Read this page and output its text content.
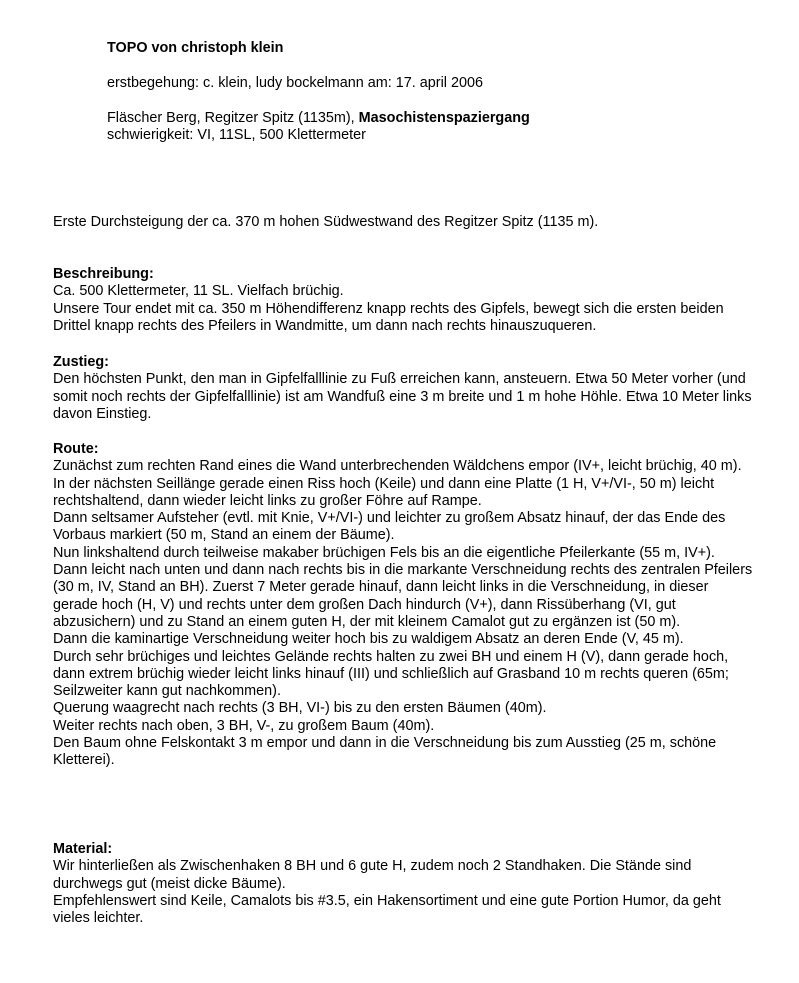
TOPO von christoph klein
erstbegehung: c. klein, ludy bockelmann am: 17. april 2006
Fläscher Berg, Regitzer Spitz (1135m), Masochistenspaziergang
schwierigkeit: VI, 11SL, 500 Klettermeter
Erste Durchsteigung der ca. 370 m hohen Südwestwand des Regitzer Spitz (1135 m).
Beschreibung:

Ca. 500 Klettermeter, 11 SL. Vielfach brüchig.

Unsere Tour endet mit ca. 350 m Höhendifferenz knapp rechts des Gipfels, bewegt sich die ersten beiden Drittel knapp rechts des Pfeilers in Wandmitte, um dann nach rechts hinauszuqueren.

Zustieg:

Den höchsten Punkt, den man in Gipfelfalllinie zu Fuß erreichen kann, ansteuern. Etwa 50 Meter vorher (und somit noch rechts der Gipfelfalllinie) ist am Wandfuß eine 3 m breite und 1 m hohe Höhle. Etwa 10 Meter links davon Einstieg.

Route:

Zunächst zum rechten Rand eines die Wand unterbrechenden Wäldchens empor (IV+, leicht brüchig, 40 m).

In der nächsten Seillänge gerade einen Riss hoch (Keile) und dann eine Platte (1 H, V+/VI-, 50 m) leicht rechtshaltend, dann wieder leicht links zu großer Föhre auf Rampe.

Dann seltsamer Aufsteher (evtl. mit Knie, V+/VI-) und leichter zu großem Absatz hinauf, der das Ende des Vorbaus markiert (50 m, Stand an einem der Bäume).

Nun linkshaltend durch teilweise makaber brüchigen Fels bis an die eigentliche Pfeilerkante (55 m, IV+).

Dann leicht nach unten und dann nach rechts bis in die markante Verschneidung rechts des zentralen Pfeilers (30 m, IV, Stand an BH). Zuerst 7 Meter gerade hinauf, dann leicht links in die Verschneidung, in dieser gerade hoch (H, V) und rechts unter dem großen Dach hindurch (V+), dann Rissüberhang (VI, gut abzusichern) und zu Stand an einem guten H, der mit kleinem Camalot gut zu ergänzen ist (50 m).

Dann die kaminartige Verschneidung weiter hoch bis zu waldigem Absatz an deren Ende (V, 45 m).

Durch sehr brüchiges und leichtes Gelände rechts halten zu zwei BH und einem H (V), dann gerade hoch, dann extrem brüchig wieder leicht links hinauf (III) und schließlich auf Grasband 10 m rechts queren (65m; Seilzweiter kann gut nachkommen).

Querung waagrecht nach rechts (3 BH, VI-) bis zu den ersten Bäumen (40m).

Weiter rechts nach oben, 3 BH, V-, zu großem Baum (40m).

Den Baum ohne Felskontakt 3 m empor und dann in die Verschneidung bis zum Ausstieg (25 m, schöne Kletterei).

Material:

Wir hinterließen als Zwischenhaken 8 BH und 6 gute H, zudem noch 2 Standhaken. Die Stände sind durchwegs gut (meist dicke Bäume).

Empfehlenswert sind Keile, Camalots bis #3.5, ein Hakensortiment und eine gute Portion Humor, da geht vieles leichter.
